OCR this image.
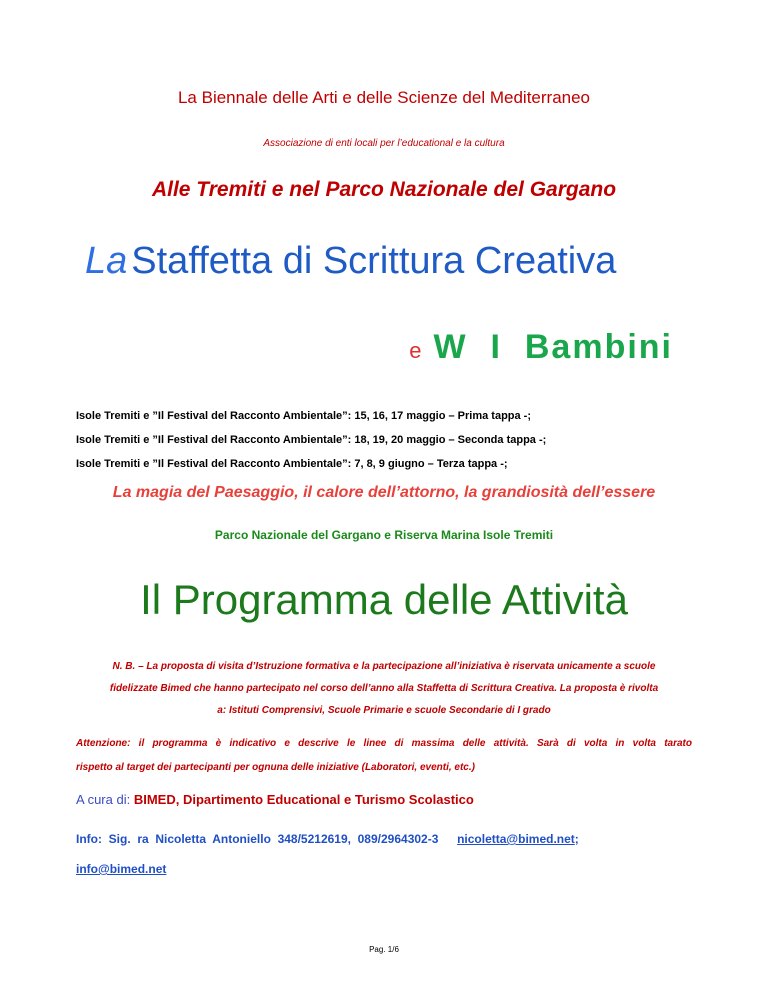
La Biennale delle Arti e delle Scienze del Mediterraneo
Associazione di enti locali per l’educational e la cultura
Alle Tremiti e nel Parco Nazionale del Gargano
La Staffetta di Scrittura Creativa
e W  I  Bambini
Isole Tremiti e ”Il Festival del Racconto Ambientale”: 15, 16, 17 maggio – Prima tappa -;
Isole Tremiti e ”Il Festival del Racconto Ambientale”: 18, 19, 20 maggio – Seconda tappa -;
Isole Tremiti e ”Il Festival del Racconto Ambientale”: 7, 8, 9 giugno – Terza tappa -;
La magia del Paesaggio, il calore dell’attorno, la grandiosità dell’essere
Parco Nazionale del Gargano e Riserva Marina Isole Tremiti
Il Programma delle Attività
N. B. – La proposta di visita d’Istruzione formativa e la partecipazione all’iniziativa è riservata unicamente a scuole
fidelizzate Bimed che hanno partecipato nel corso dell’anno alla Staffetta di Scrittura Creativa. La proposta è rivolta
a: Istituti Comprensivi, Scuole Primarie e scuole Secondarie di I grado
Attenzione: il programma è indicativo e descrive le linee di massima delle attività. Sarà di volta in volta tarato
rispetto al target dei partecipanti per ognuna delle iniziative (Laboratori, eventi, etc.)
A cura di: BIMED, Dipartimento Educational e Turismo Scolastico
Info:  Sig.  ra  Nicoletta  Antoniello  348/5212619,  089/2964302-3 nicoletta@bimed.net;
info@bimed.net
Pag. 1/6
